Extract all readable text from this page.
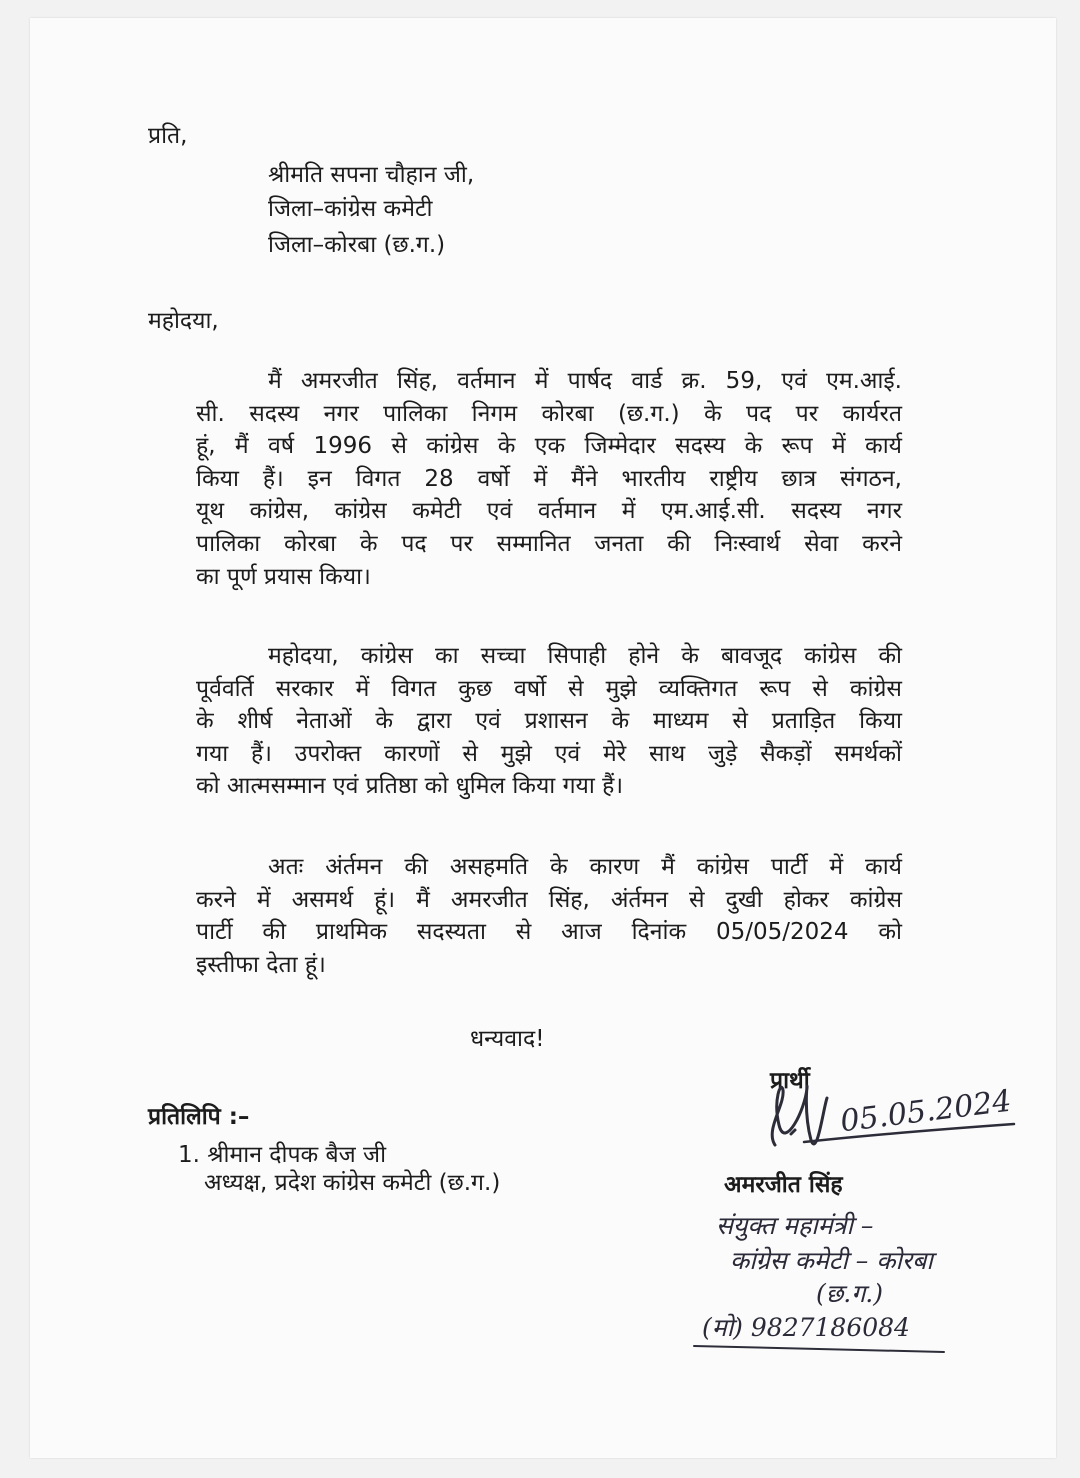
प्रति,
श्रीमति सपना चौहान जी,
जिला–कांग्रेस कमेटी
जिला–कोरबा (छ.ग.)
महोदया,
मैं अमरजीत सिंह, वर्तमान में पार्षद वार्ड क्र. 59, एवं एम.आई.
सी. सदस्य नगर पालिका निगम कोरबा (छ.ग.) के पद पर कार्यरत
हूं, मैं वर्ष 1996 से कांग्रेस के एक जिम्मेदार सदस्य के रूप में कार्य
किया हैं। इन विगत 28 वर्षो में मैंने भारतीय राष्ट्रीय छात्र संगठन,
यूथ कांग्रेस, कांग्रेस कमेटी एवं वर्तमान में एम.आई.सी. सदस्य नगर
पालिका कोरबा के पद पर सम्मानित जनता की निःस्वार्थ सेवा करने
का पूर्ण प्रयास किया।
महोदया, कांग्रेस का सच्चा सिपाही होने के बावजूद कांग्रेस की
पूर्ववर्ति सरकार में विगत कुछ वर्षो से मुझे व्यक्तिगत रूप से कांग्रेस
के शीर्ष नेताओं के द्वारा एवं प्रशासन के माध्यम से प्रताड़ित किया
गया हैं। उपरोक्त कारणों से मुझे एवं मेरे साथ जुड़े सैकड़ों समर्थकों
को आत्मसम्मान एवं प्रतिष्ठा को धुमिल किया गया हैं।
अतः अंर्तमन की असहमति के कारण मैं कांग्रेस पार्टी में कार्य
करने में असमर्थ हूं। मैं अमरजीत सिंह, अंर्तमन से दुखी होकर कांग्रेस
पार्टी की प्राथमिक सदस्यता से आज दिनांक 05/05/2024 को
इस्तीफा देता हूं।
धन्यवाद!
प्रार्थी
05.05.2024
अमरजीत सिंह
प्रतिलिपि :–
1. श्रीमान दीपक बैज जी
अध्यक्ष, प्रदेश कांग्रेस कमेटी (छ.ग.)
संयुक्त महामंत्री –
कांग्रेस कमेटी – कोरबा
(छ.ग.)
(मो) 9827186084
